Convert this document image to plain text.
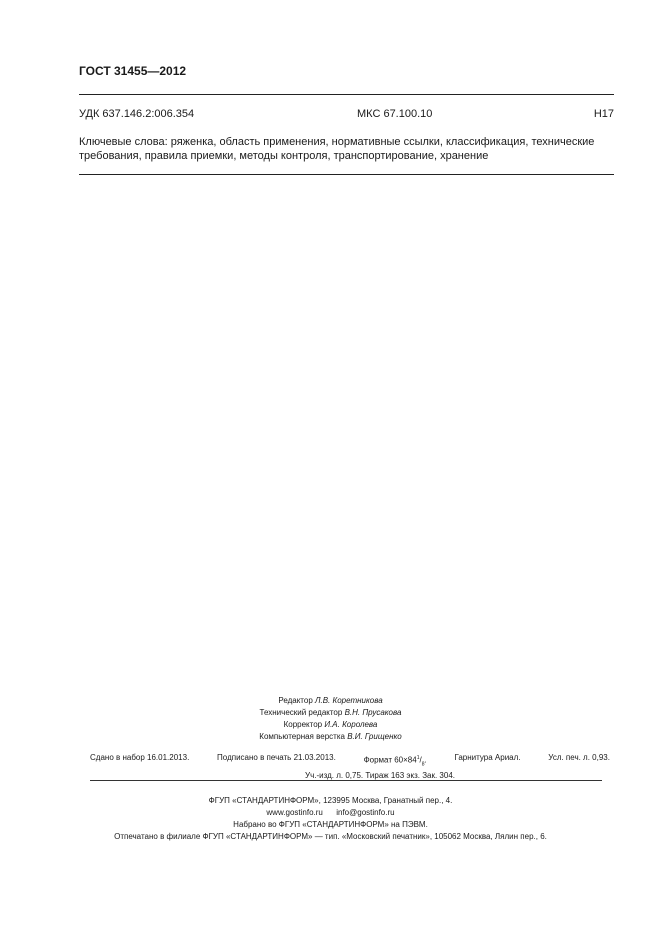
ГОСТ 31455—2012
УДК 637.146.2:006.354	МКС 67.100.10	Н17
Ключевые слова: ряженка, область применения, нормативные ссылки, классификация, технические требования, правила приемки, методы контроля, транспортирование, хранение
Редактор Л.В. Коретникова
Технический редактор В.Н. Прусакова
Корректор И.А. Королева
Компьютерная верстка В.И. Грищенко
Сдано в набор 16.01.2013.	Подписано в печать 21.03.2013.	Формат $60\times 84^1/_8$.	Гарнитура Ариал.	Усл. печ. л. 0,93.
Уч.-изд. л. 0,75. Тираж 163 экз. Зак. 304.
ФГУП «СТАНДАРТИНФОРМ», 123995 Москва, Гранатный пер., 4.
www.gostinfo.ru info@gostinfo.ru
Набрано во ФГУП «СТАНДАРТИНФОРМ» на ПЭВМ.
Отпечатано в филиале ФГУП «СТАНДАРТИНФОРМ» — тип. «Московский печатник», 105062 Москва, Лялин пер., 6.
